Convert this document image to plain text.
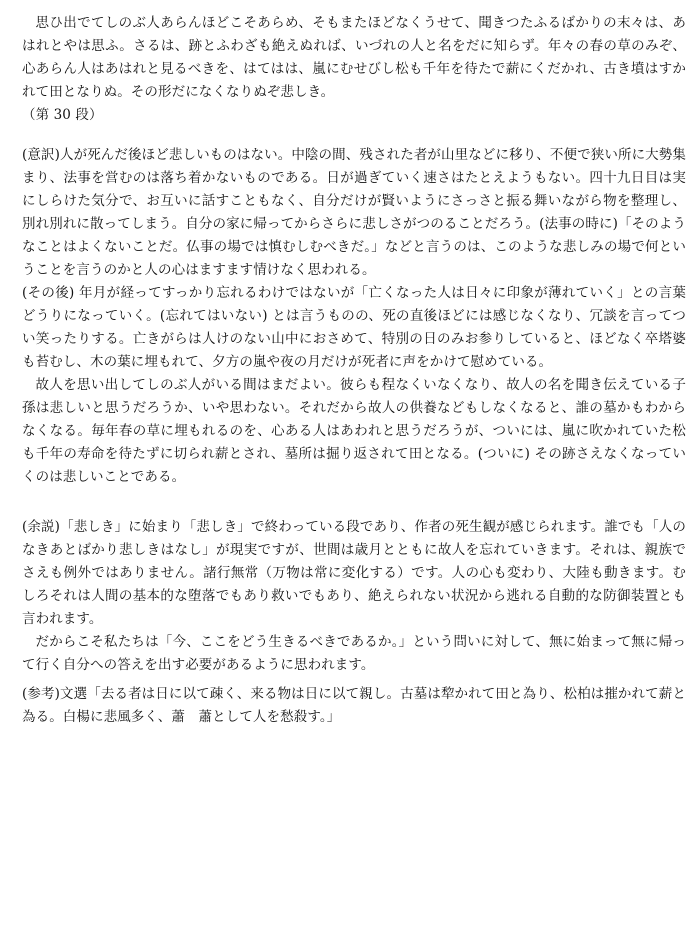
思ひ出でてしのぶ人あらんほどこそあらめ、そもまたほどなくうせて、聞きつたふるばかりの末々は、あはれとやは思ふ。さるは、跡とふわざも絶えぬれば、いづれの人と名をだに知らず。年々の春の草のみぞ、心あらん人はあはれと見るべきを、はてはは、嵐にむせびし松も千年を待たで薪にくだかれ、古き墳はすかれて田となりぬ。その形だになくなりぬぞ悲しき。

（第 30 段）

(意訳)人が死んだ後ほど悲しいものはない。中陰の間、残された者が山里などに移り、不便で狭い所に大勢集まり、法事を営むのは落ち着かないものである。日が過ぎていく速さはたとえようもない。四十九日目は実にしらけた気分で、お互いに話すこともなく、自分だけが賢いようにさっさと振る舞いながら物を整理し、別れ別れに散ってしまう。自分の家に帰ってからさらに悲しさがつのることだろう。(法事の時に)「そのようなことはよくないことだ。仏事の場では慎むしむべきだ。」などと言うのは、このような悲しみの場で何ということを言うのかと人の心はますます情けなく思われる。

(その後) 年月が経ってすっかり忘れるわけではないが「亡くなった人は日々に印象が薄れていく」との言葉どうりになっていく。(忘れてはいない) とは言うものの、死の直後ほどには感じなくなり、冗談を言ってつい笑ったりする。亡きがらは人けのない山中におさめて、特別の日のみお参りしていると、ほどなく卒塔婆も苔むし、木の葉に埋もれて、夕方の嵐や夜の月だけが死者に声をかけて慰めている。

故人を思い出してしのぶ人がいる間はまだよい。彼らも程なくいなくなり、故人の名を聞き伝えている子孫は悲しいと思うだろうか、いや思わない。それだから故人の供養などもしなくなると、誰の墓かもわからなくなる。毎年春の草に埋もれるのを、心ある人はあわれと思うだろうが、ついには、嵐に吹かれていた松も千年の寿命を待たずに切られ薪とされ、墓所は掘り返されて田となる。(ついに) その跡さえなくなっていくのは悲しいことである。

(余説)「悲しき」に始まり「悲しき」で終わっている段であり、作者の死生観が感じられます。誰でも「人のなきあとばかり悲しきはなし」が現実ですが、世間は歳月とともに故人を忘れていきます。それは、親族でさえも例外ではありません。諸行無常（万物は常に変化する）です。人の心も変わり、大陸も動きます。むしろそれは人間の基本的な堕落でもあり救いでもあり、絶えられない状況から逃れる自動的な防御装置とも言われます。

だからこそ私たちは「今、ここをどう生きるべきであるか。」という問いに対して、無に始まって無に帰って行く自分への答えを出す必要があるように思われます。

(参考)文選「去る者は日に以て疎く、来る物は日に以て親し。古墓は犂かれて田と為り、松柏は摧かれて薪と為る。白楊に悲風多く、蕭　蕭として人を愁殺す。」
